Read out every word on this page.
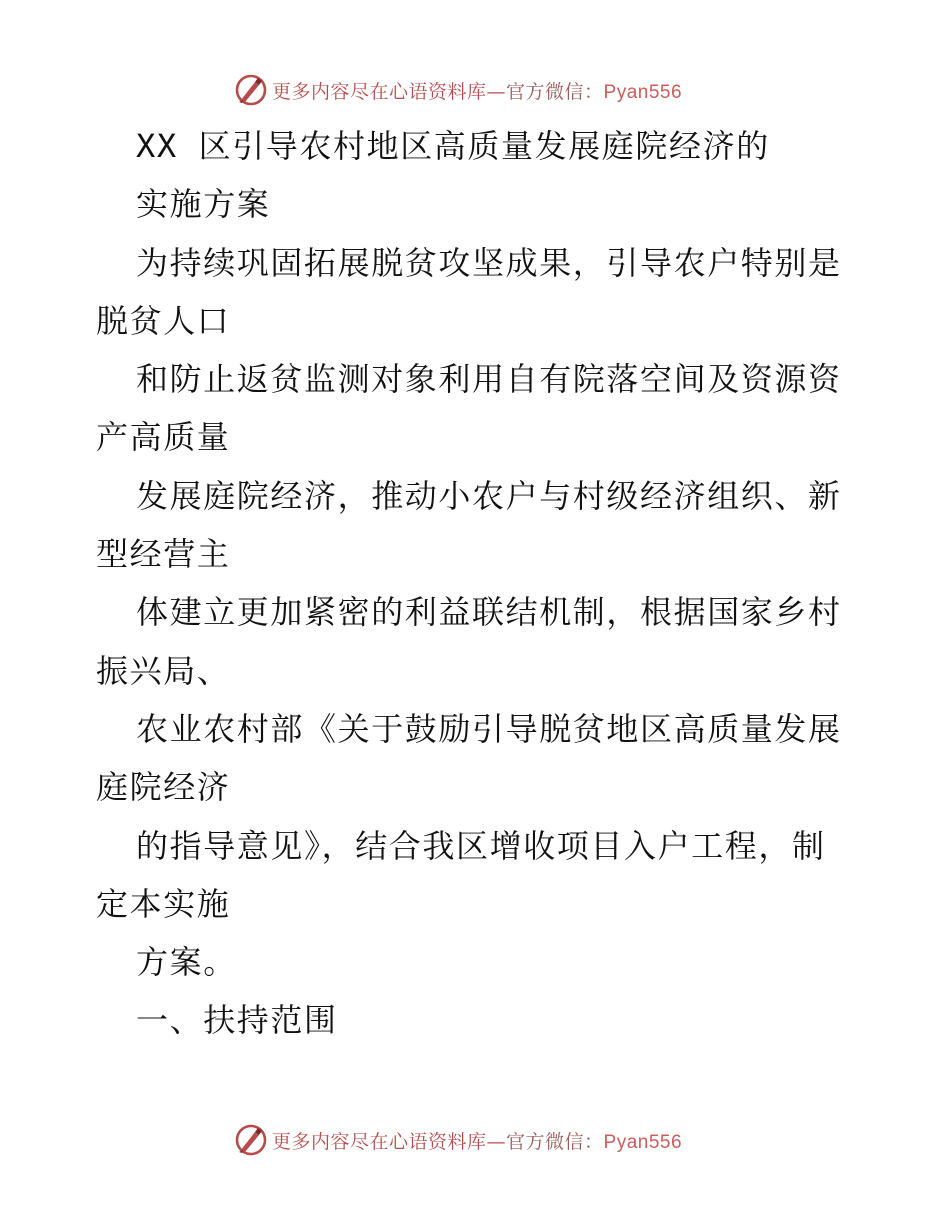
更多内容尽在心语资料库—官方微信：Pyan556
XX 区引导农村地区高质量发展庭院经济的
实施方案
为持续巩固拓展脱贫攻坚成果，引导农户特别是
脱贫人口
和防止返贫监测对象利用自有院落空间及资源资
产高质量
发展庭院经济，推动小农户与村级经济组织、新
型经营主
体建立更加紧密的利益联结机制，根据国家乡村
振兴局、
农业农村部《关于鼓励引导脱贫地区高质量发展
庭院经济
的指导意见》，结合我区增收项目入户工程，制
定本实施
方案。
一、扶持范围
更多内容尽在心语资料库—官方微信：Pyan556
